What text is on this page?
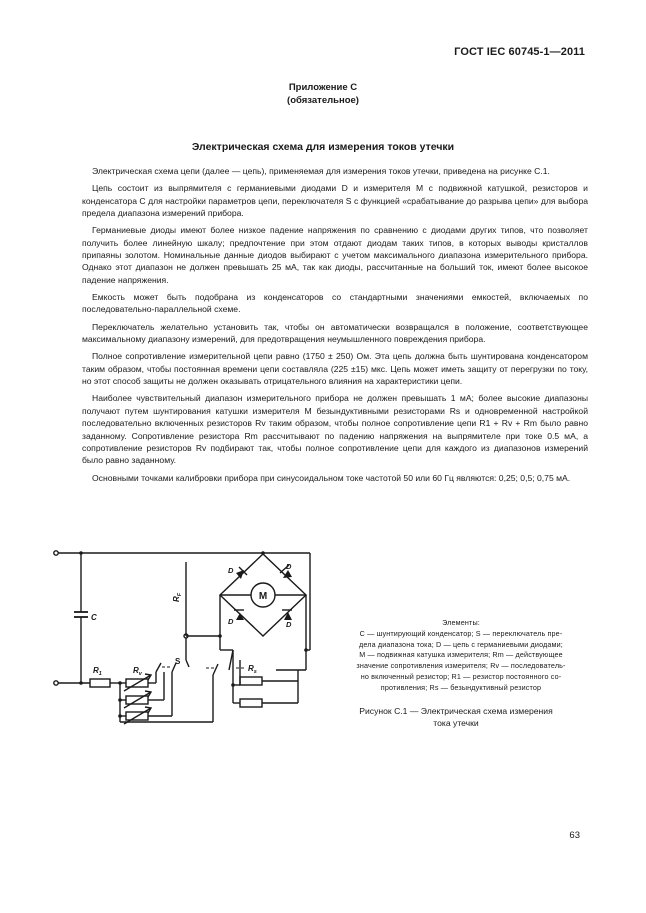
ГОСТ IEC 60745-1—2011
Приложение С
(обязательное)
Электрическая схема для измерения токов утечки

Электрическая схема цепи (далее — цепь), применяемая для измерения токов утечки, приведена на рисунке С.1.

Цепь состоит из выпрямителя с германиевыми диодами D и измерителя M с подвижной катушкой, резисторов и конденсатора C для настройки параметров цепи, переключателя S с функцией «срабатывание до разрыва цепи» для выбора предела диапазона измерений прибора.

Германиевые диоды имеют более низкое падение напряжения по сравнению с диодами других типов, что позволяет получить более линейную шкалу; предпочтение при этом отдают диодам таких типов, в которых выводы кристаллов припаяны золотом. Номинальные данные диодов выбирают с учетом максимального диапазона измерительного прибора. Однако этот диапазон не должен превышать 25 мА, так как диоды, рассчитанные на больший ток, имеют более высокое падение напряжения.

Емкость может быть подобрана из конденсаторов со стандартными значениями емкостей, включаемых по последовательно-параллельной схеме.

Переключатель желательно установить так, чтобы он автоматически возвращался в положение, соответствующее максимальному диапазону измерений, для предотвращения неумышленного повреждения прибора.

Полное сопротивление измерительной цепи равно (1750 ± 250) Ом. Эта цепь должна быть шунтирована конденсатором таким образом, чтобы постоянная времени цепи составляла (225 ±15) мкс. Цепь может иметь защиту от перегрузки по току, но этот способ защиты не должен оказывать отрицательного влияния на характеристики цепи.

Наиболее чувствительный диапазон измерительного прибора не должен превышать 1 мА; более высокие диапазоны получают путем шунтирования катушки измерителя M безындуктивными резисторами Rs и одновременной настройкой последовательно включенных резисторов Rv таким образом, чтобы полное сопротивление цепи R1 + Rv + Rm было равно заданному. Сопротивление резистора Rm рассчитывают по падению напряжения на выпрямителе при токе 0.5 мА, а сопротивление резисторов Rv подбирают так, чтобы полное сопротивление цепи для каждого из диапазонов измерений было равно заданному.

Основными точками калибровки прибора при синусоидальном токе частотой 50 или 60 Гц являются: 0,25; 0,5; 0,75 мА.

C
$R_1$	$R_v$
S
$R_F$
D	D
D	D
M
$R_s$
Элементы:
C — шунтирующий конденсатор; S — переключатель пре-
дела диапазона тока; D — цепь с германиевыми диодами;
M — подвижная катушка измерителя; Rm — действующее
значение сопротивления измерителя; Rv — последователь-
но включенный резистор; R1 — резистор постоянного со-
противления; Rs — безындуктивный резистор
Рисунок С.1 — Электрическая схема измерения тока утечки
63
